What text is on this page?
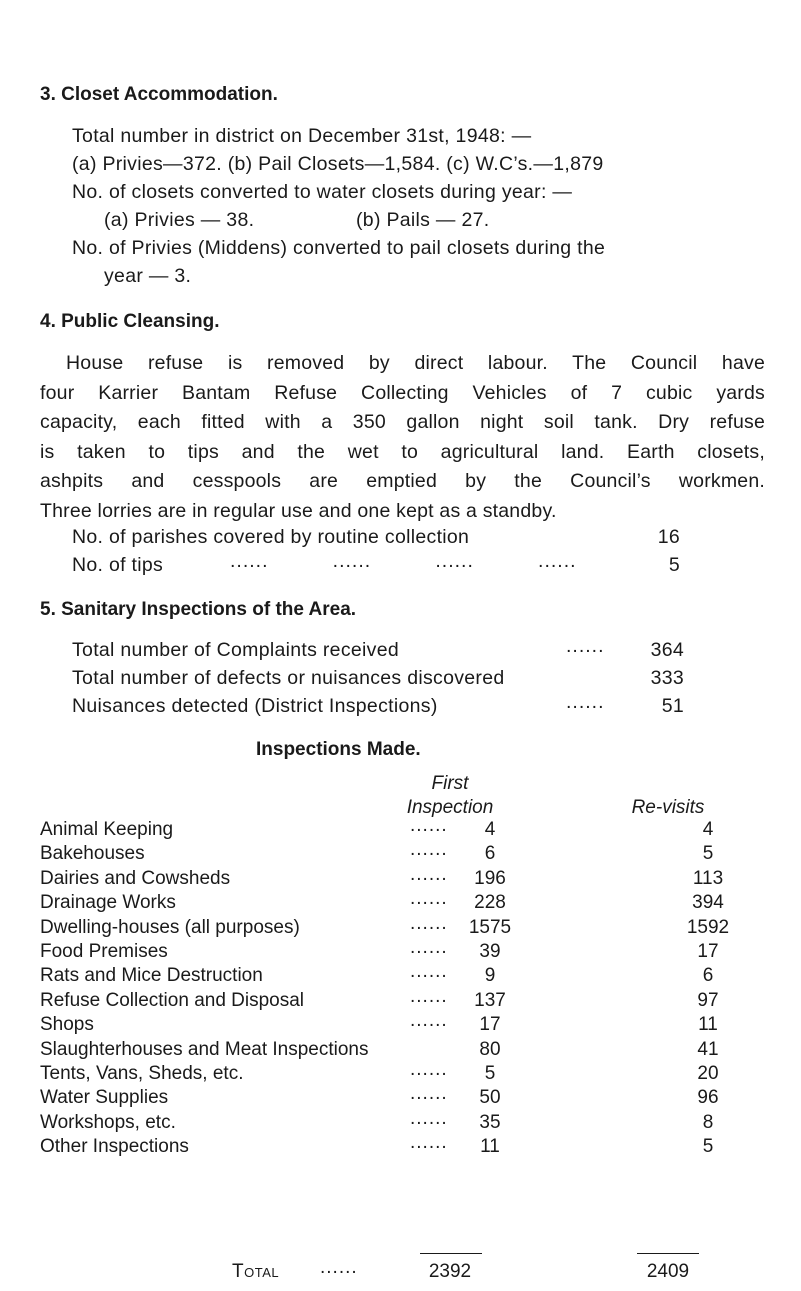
3. Closet Accommodation.
Total number in district on December 31st, 1948: —
(a) Privies—372. (b) Pail Closets—1,584. (c) W.C’s.—1,879
No. of closets converted to water closets during year: —
(a) Privies — 38.	(b) Pails — 27.
No. of Privies (Middens) converted to pail closets during the
year — 3.
4. Public Cleansing.
House refuse is removed by direct labour. The Council have
four Karrier Bantam Refuse Collecting Vehicles of 7 cubic yards
capacity, each fitted with a 350 gallon night soil tank. Dry refuse
is taken to tips and the wet to agricultural land. Earth closets,
ashpits and cesspools are emptied by the Council’s workmen.
Three lorries are in regular use and one kept as a standby.
No. of parishes covered by routine collection	16
No. of tips	......          ......          ......          ......	5
5. Sanitary Inspections of the Area.
Total number of Complaints received	......	364
Total number of defects or nuisances discovered	333
Nuisances detected (District Inspections)	......	51
Inspections Made.
First
Inspection	Re-visits
Animal Keeping	......	4	4
Bakehouses	......	6	5
Dairies and Cowsheds	......	196	113
Drainage Works	......	228	394
Dwelling-houses (all purposes)	......	1575	1592
Food Premises	......	39	17
Rats and Mice Destruction	......	9	6
Refuse Collection and Disposal	......	137	97
Shops	......	17	11
Slaughterhouses and Meat Inspections	80	41
Tents, Vans, Sheds, etc.	......	5	20
Water Supplies	......	50	96
Workshops, etc.	......	35	8
Other Inspections	......	11	5
Total ......	2392	2409
